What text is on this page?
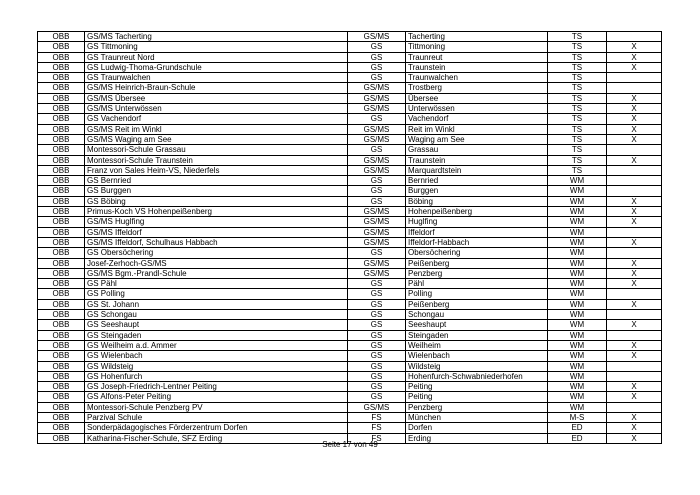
OBB	GS/MS Tacherting	GS/MS	Tacherting	TS	
OBB	GS Tittmoning	GS	Tittmoning	TS	X
OBB	GS Traunreut Nord	GS	Traunreut	TS	X
OBB	GS Ludwig-Thoma-Grundschule	GS	Traunstein	TS	X
OBB	GS Traunwalchen	GS	Traunwalchen	TS	
OBB	GS/MS Heinrich-Braun-Schule	GS/MS	Trostberg	TS	
OBB	GS/MS Übersee	GS/MS	Übersee	TS	X
OBB	GS/MS Unterwössen	GS/MS	Unterwössen	TS	X
OBB	GS Vachendorf	GS	Vachendorf	TS	X
OBB	GS/MS Reit im Winkl	GS/MS	Reit im Winkl	TS	X
OBB	GS/MS Waging am See	GS/MS	Waging am See	TS	X
OBB	Montessori-Schule Grassau	GS	Grassau	TS	
OBB	Montessori-Schule Traunstein	GS/MS	Traunstein	TS	X
OBB	Franz von Sales Heim-VS, Niederfels	GS/MS	Marquardtstein	TS	
OBB	GS Bernried	GS	Bernried	WM	
OBB	GS Burggen	GS	Burggen	WM	
OBB	GS Böbing	GS	Böbing	WM	X
OBB	Primus-Koch VS Hohenpeißenberg	GS/MS	Hohenpeißenberg	WM	X
OBB	GS/MS Huglfing	GS/MS	Huglfing	WM	X
OBB	GS/MS Iffeldorf	GS/MS	Iffeldorf	WM	
OBB	GS/MS Iffeldorf, Schulhaus Habbach	GS/MS	Iffeldorf-Habbach	WM	X
OBB	GS Obersöchering	GS	Obersöchering	WM	
OBB	Josef-Zerhoch-GS/MS	GS/MS	Peißenberg	WM	X
OBB	GS/MS Bgm.-Prandl-Schule	GS/MS	Penzberg	WM	X
OBB	GS Pähl	GS	Pähl	WM	X
OBB	GS Polling	GS	Polling	WM	
OBB	GS St. Johann	GS	Peißenberg	WM	X
OBB	GS Schongau	GS	Schongau	WM	
OBB	GS Seeshaupt	GS	Seeshaupt	WM	X
OBB	GS Steingaden	GS	Steingaden	WM	
OBB	GS Weilheim a.d. Ammer	GS	Weilheim	WM	X
OBB	GS Wielenbach	GS	Wielenbach	WM	X
OBB	GS Wildsteig	GS	Wildsteig	WM	
OBB	GS Hohenfurch	GS	Hohenfurch-Schwabniederhofen	WM	
OBB	GS Joseph-Friedrich-Lentner Peiting	GS	Peiting	WM	X
OBB	GS Alfons-Peter Peiting	GS	Peiting	WM	X
OBB	Montessori-Schule Penzberg PV	GS/MS	Penzberg	WM	
OBB	Parzival Schule	FS	München	M-S	X
OBB	Sonderpädagogisches Förderzentrum Dorfen	FS	Dorfen	ED	X
OBB	Katharina-Fischer-Schule, SFZ Erding	FS	Erding	ED	X
Seite 17 von 49
